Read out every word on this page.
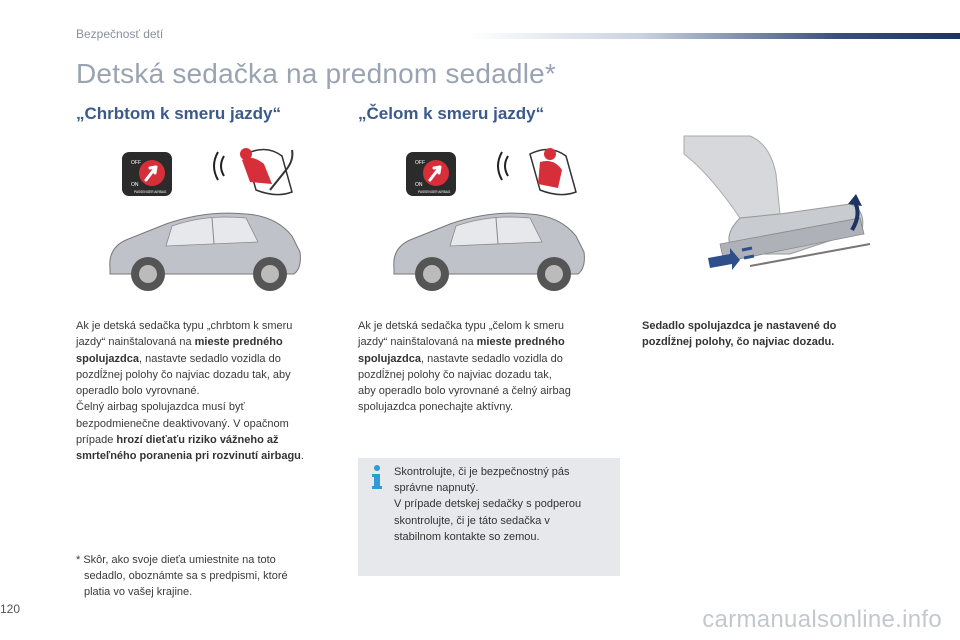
Bezpečnosť detí
Detská sedačka na prednom sedadle*
„Chrbtom k smeru jazdy“	„Čelom k smeru jazdy“
OFF
ON
PASSENGER AIRBAG
OFF
ON
PASSENGER AIRBAG
Ak je detská sedačka typu „chrbtom k smeru
jazdy“ nainštalovaná na mieste predného
spolujazdca, nastavte sedadlo vozidla do
pozdĺžnej polohy čo najviac dozadu tak, aby
operadlo bolo vyrovnané.
Čelný airbag spolujazdca musí byť
bezpodmienečne deaktivovaný. V opačnom
prípade hrozí dieťaťu riziko vážneho až
smrteľného poranenia pri rozvinutí airbagu.
Ak je detská sedačka typu „čelom k smeru
jazdy“ nainštalovaná na mieste predného
spolujazdca, nastavte sedadlo vozidla do
pozdĺžnej polohy čo najviac dozadu tak,
aby operadlo bolo vyrovnané a čelný airbag
spolujazdca ponechajte aktívny.
Sedadlo spolujazdca je nastavené do
pozdĺžnej polohy, čo najviac dozadu.
Skontrolujte, či je bezpečnostný pás
správne napnutý.
V prípade detskej sedačky s podperou
skontrolujte, či je táto sedačka v
stabilnom kontakte so zemou.
* Skôr, ako svoje dieťa umiestnite na toto
sedadlo, oboznámte sa s predpismi, ktoré
platia vo vašej krajine.
120	carmanualsonline.info
